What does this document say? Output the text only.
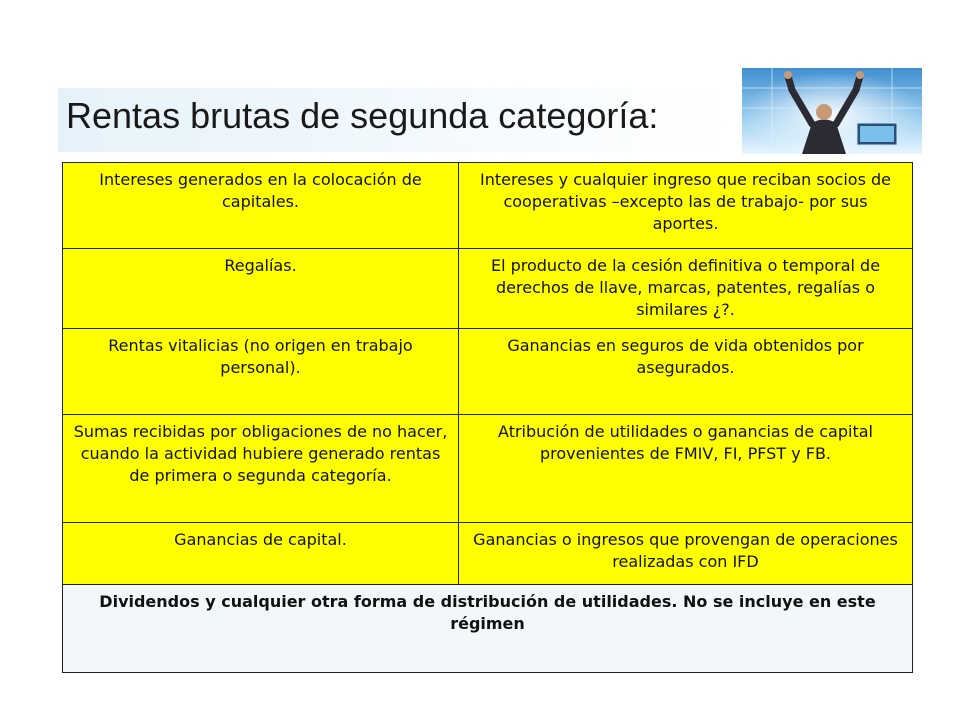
Rentas brutas de segunda categoría:
Intereses generados en la colocación de capitales.	Intereses y cualquier ingreso que reciban socios de cooperativas –excepto las de trabajo- por sus aportes.
Regalías.	El producto de la cesión definitiva o temporal de derechos de llave, marcas, patentes, regalías o similares ¿?.
Rentas vitalicias (no origen en trabajo personal).	Ganancias en seguros de vida obtenidos por asegurados.
Sumas recibidas por obligaciones de no hacer, cuando la actividad hubiere generado rentas de primera o segunda categoría.	Atribución de utilidades o ganancias de capital provenientes de FMIV, FI, PFST y FB.
Ganancias de capital.	Ganancias o ingresos que provengan de operaciones realizadas con IFD
Dividendos y cualquier otra forma de distribución de utilidades. No se incluye en este régimen	
